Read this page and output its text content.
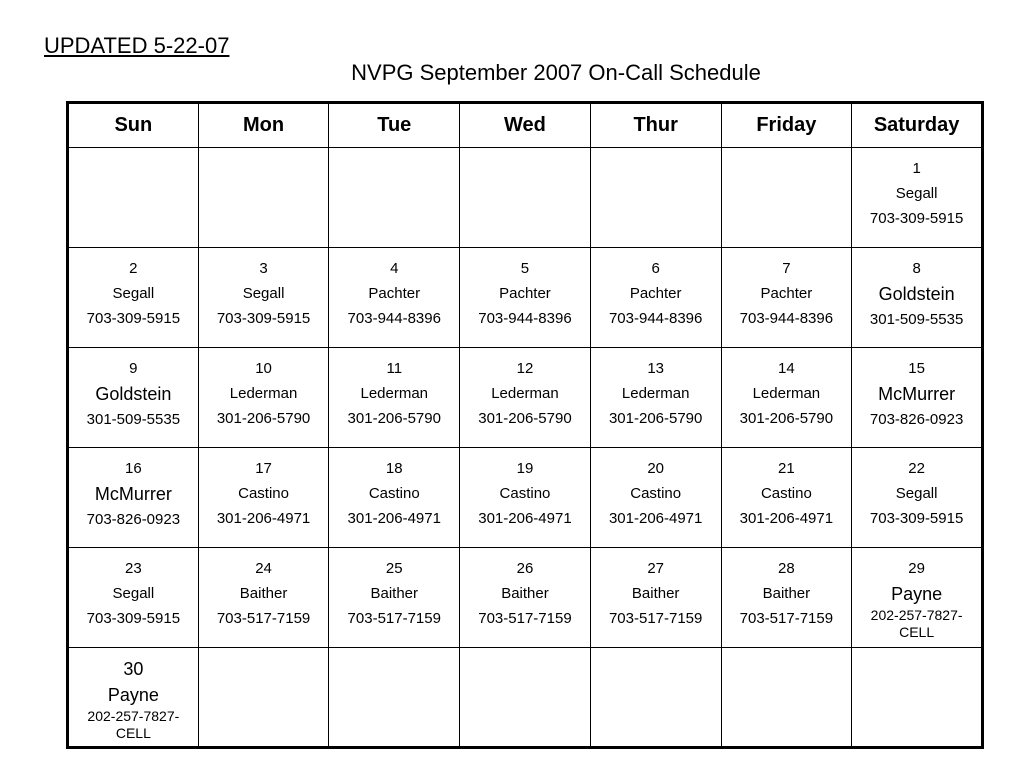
UPDATED 5-22-07
NVPG September 2007 On-Call Schedule
Sun	Mon	Tue	Wed	Thur	Friday	Saturday

						1
Segall
703-309-5915

2
Segall
703-309-5915	3
Segall
703-309-5915	4
Pachter
703-944-8396	5
Pachter
703-944-8396	6
Pachter
703-944-8396	7
Pachter
703-944-8396	8
Goldstein
301-509-5535

9
Goldstein
301-509-5535	10
Lederman
301-206-5790	11
Lederman
301-206-5790	12
Lederman
301-206-5790	13
Lederman
301-206-5790	14
Lederman
301-206-5790	15
McMurrer
703-826-0923

16
McMurrer
703-826-0923	17
Castino
301-206-4971	18
Castino
301-206-4971	19
Castino
301-206-4971	20
Castino
301-206-4971	21
Castino
301-206-4971	22
Segall
703-309-5915

23
Segall
703-309-5915	24
Baither
703-517-7159	25
Baither
703-517-7159	26
Baither
703-517-7159	27
Baither
703-517-7159	28
Baither
703-517-7159	29
Payne
202-257-7827-CELL

30
Payne
202-257-7827-CELL						
